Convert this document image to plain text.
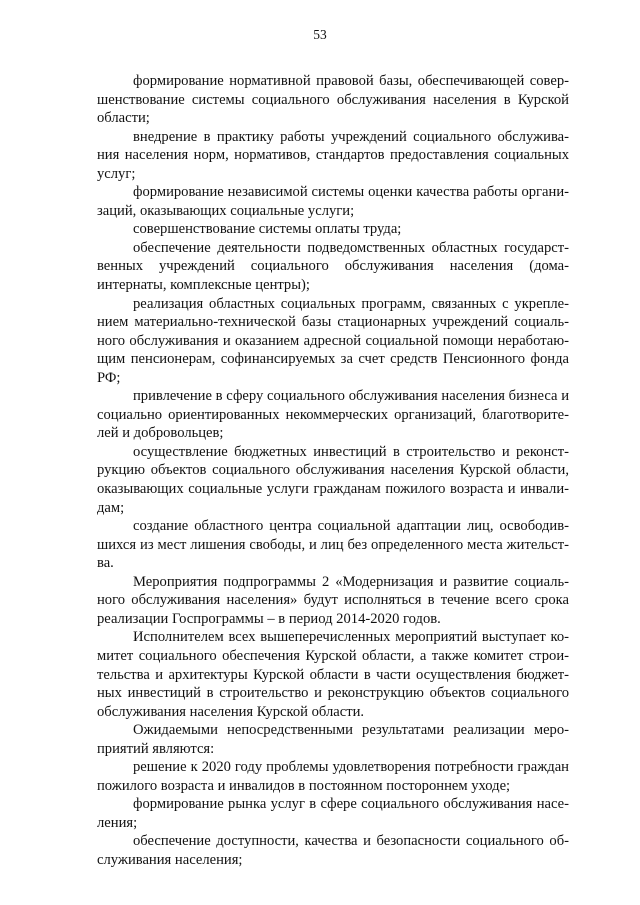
53
формирование нормативной правовой базы, обеспечивающей совер-
шенствование системы социального обслуживания населения в Курской
области;
внедрение в практику работы учреждений социального обслужива-
ния населения норм, нормативов, стандартов предоставления социальных
услуг;
формирование независимой системы оценки качества работы органи-
заций, оказывающих социальные услуги;
совершенствование системы оплаты труда;
обеспечение деятельности подведомственных областных государст-
венных учреждений социального обслуживания населения (дома-
интернаты, комплексные центры);
реализация областных социальных программ, связанных с укрепле-
нием материально-технической базы стационарных учреждений социаль-
ного обслуживания и оказанием адресной социальной помощи неработаю-
щим пенсионерам, софинансируемых за счет средств Пенсионного фонда
РФ;
привлечение в сферу социального обслуживания населения бизнеса и
социально ориентированных некоммерческих организаций, благотворите-
лей и добровольцев;
осуществление бюджетных инвестиций в строительство и реконст-
рукцию объектов социального обслуживания населения Курской области,
оказывающих социальные услуги гражданам пожилого возраста и инвали-
дам;
создание областного центра социальной адаптации лиц, освободив-
шихся из мест лишения свободы, и лиц без определенного места жительст-
ва.
Мероприятия подпрограммы 2 «Модернизация и развитие социаль-
ного обслуживания населения» будут исполняться в течение всего срока
реализации Госпрограммы – в период 2014-2020 годов.
Исполнителем всех вышеперечисленных мероприятий выступает ко-
митет социального обеспечения Курской области, а также комитет строи-
тельства и архитектуры Курской области в части осуществления бюджет-
ных инвестиций в строительство и реконструкцию объектов социального
обслуживания населения Курской области.
Ожидаемыми непосредственными результатами реализации меро-
приятий являются:
решение к 2020 году проблемы удовлетворения потребности граждан
пожилого возраста и инвалидов в постоянном постороннем уходе;
формирование рынка услуг в сфере социального обслуживания насе-
ления;
обеспечение доступности, качества и безопасности социального об-
служивания населения;
